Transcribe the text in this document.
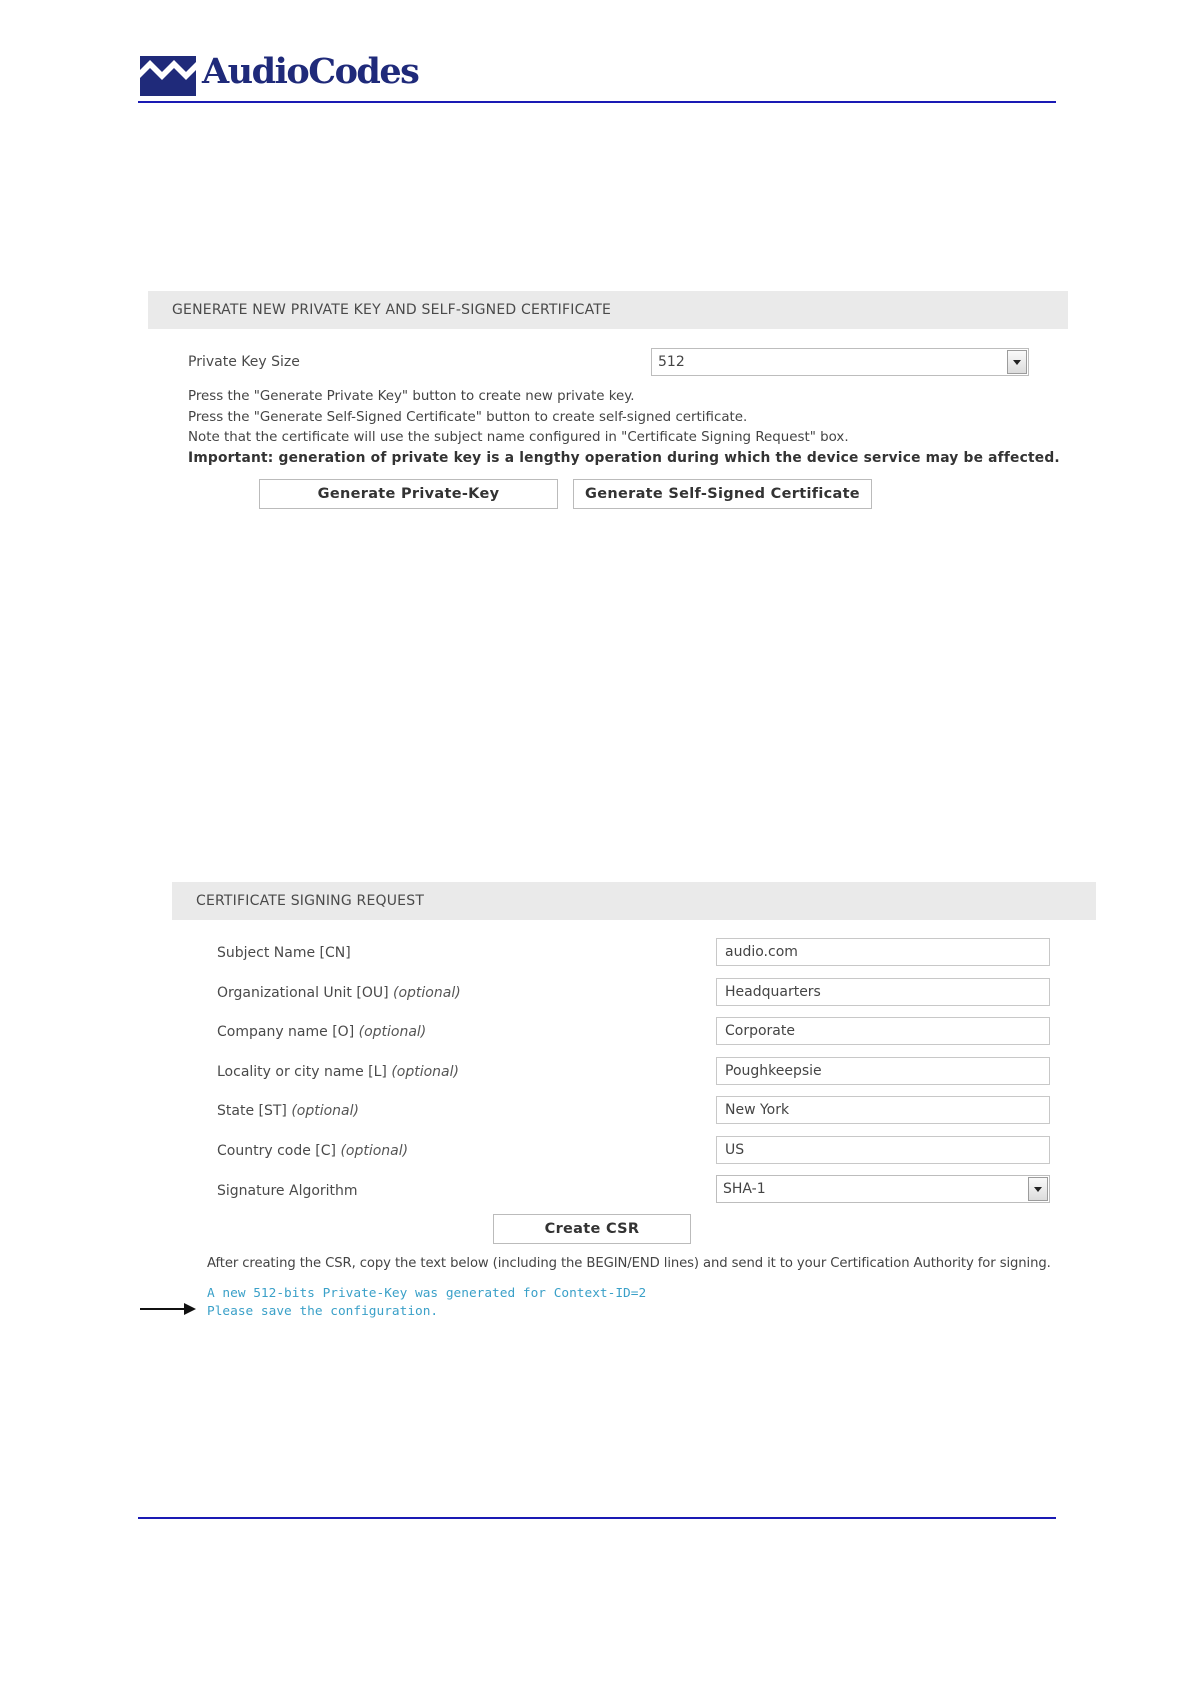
AudioCodes
GENERATE NEW PRIVATE KEY AND SELF-SIGNED CERTIFICATE
Private Key Size	512
Press the "Generate Private Key" button to create new private key.
Press the "Generate Self-Signed Certificate" button to create self-signed certificate.
Note that the certificate will use the subject name configured in "Certificate Signing Request" box.
Important: generation of private key is a lengthy operation during which the device service may be affected.
Generate Private-Key	Generate Self-Signed Certificate
CERTIFICATE SIGNING REQUEST
Subject Name [CN]	audio.com
Organizational Unit [OU] (optional)	Headquarters
Company name [O] (optional)	Corporate
Locality or city name [L] (optional)	Poughkeepsie
State [ST] (optional)	New York
Country code [C] (optional)	US
Signature Algorithm	SHA-1
Create CSR
After creating the CSR, copy the text below (including the BEGIN/END lines) and send it to your Certification Authority for signing.
A new 512-bits Private-Key was generated for Context-ID=2
Please save the configuration.
